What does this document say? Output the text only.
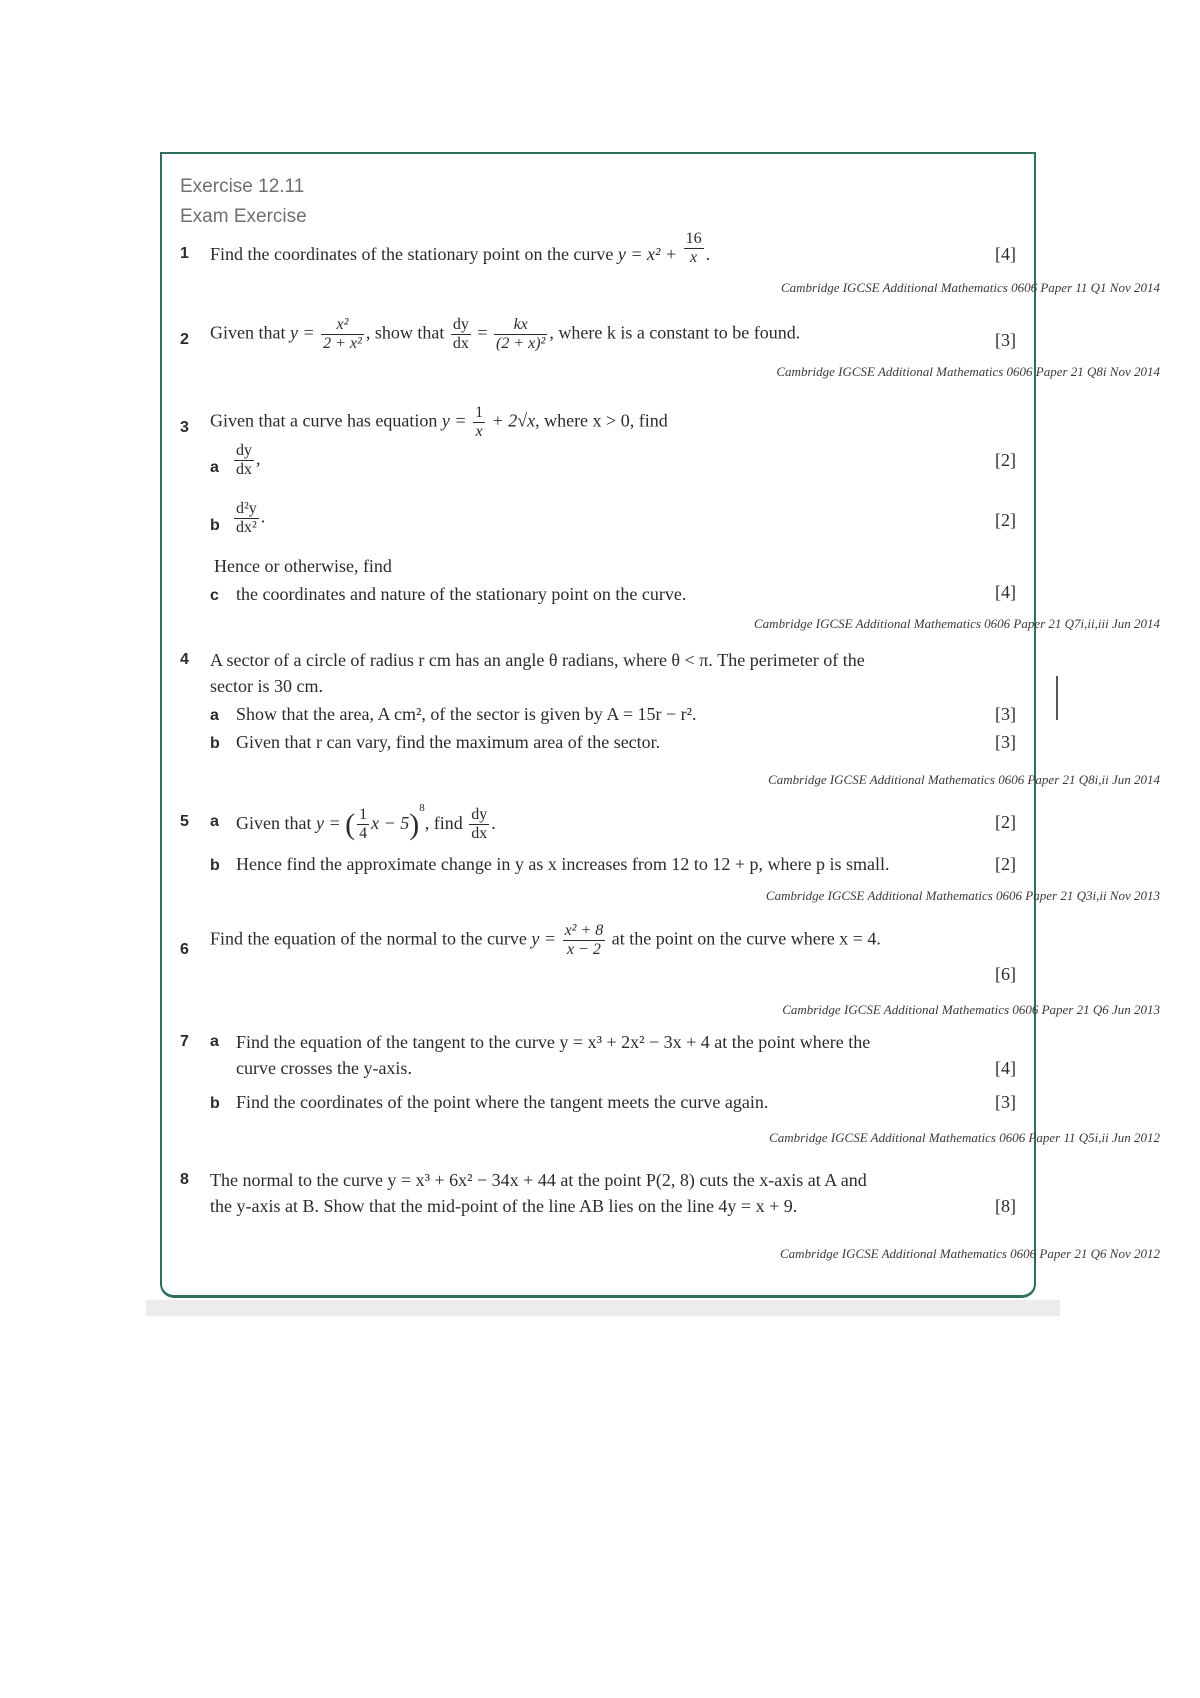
Exercise 12.11
Exam Exercise
1 Find the coordinates of the stationary point on the curve $y = x^2 + \frac{16}{x}$ .	[4]
Cambridge IGCSE Additional Mathematics 0606 Paper 11 Q1 Nov 2014
2 Given that $y = \frac{\text{x²}}{\text{2 + x²}}$ , show that $\frac{dy}{dx} = \frac{kx}{\text{(2 + x)²}}$ , where k is a constant to be found.	[3]
Cambridge IGCSE Additional Mathematics 0606 Paper 21 Q8i Nov 2014
3 Given that a curve has equation $y = \frac{1}{x} + 2√x$, where x > 0, find
a $\frac{dy}{dx}$ ,	[2]
b $\frac{\text{d²y}}{\text{dx²}}$ .	[2]
Hence or otherwise, find
c the coordinates and nature of the stationary point on the curve.	[4]
Cambridge IGCSE Additional Mathematics 0606 Paper 21 Q7i,ii,iii Jun 2014
4 A sector of a circle of radius r cm has an angle θ radians, where θ < π. The perimeter of the
sector is 30 cm.
a Show that the area, A cm², of the sector is given by A = 15r − r².	[3]
b Given that r can vary, find the maximum area of the sector.	[3]
Cambridge IGCSE Additional Mathematics 0606 Paper 21 Q8i,ii Jun 2014
5 a Given that y = ( $\frac{1}{4}$ x − 5)$^8$, find $\frac{dy}{dx}$ .	[2]
b Hence find the approximate change in y as x increases from 12 to 12 + p, where p is small.	[2]
Cambridge IGCSE Additional Mathematics 0606 Paper 21 Q3i,ii Nov 2013
6
Find the equation of the normal to the curve $y = \frac{\text{x² + 8}}{x - 2}$ at the point on the curve where x = 4.
[6]
Cambridge IGCSE Additional Mathematics 0606 Paper 21 Q6 Jun 2013
7 a Find the equation of the tangent to the curve y = x³ + 2x² − 3x + 4 at the point where the
curve crosses the y-axis.	[4]
b Find the coordinates of the point where the tangent meets the curve again.	[3]
Cambridge IGCSE Additional Mathematics 0606 Paper 11 Q5i,ii Jun 2012
8 The normal to the curve y = x³ + 6x² − 34x + 44 at the point P(2, 8) cuts the x-axis at A and
the y-axis at B. Show that the mid-point of the line AB lies on the line 4y = x + 9.	[8]
Cambridge IGCSE Additional Mathematics 0606 Paper 21 Q6 Nov 2012
